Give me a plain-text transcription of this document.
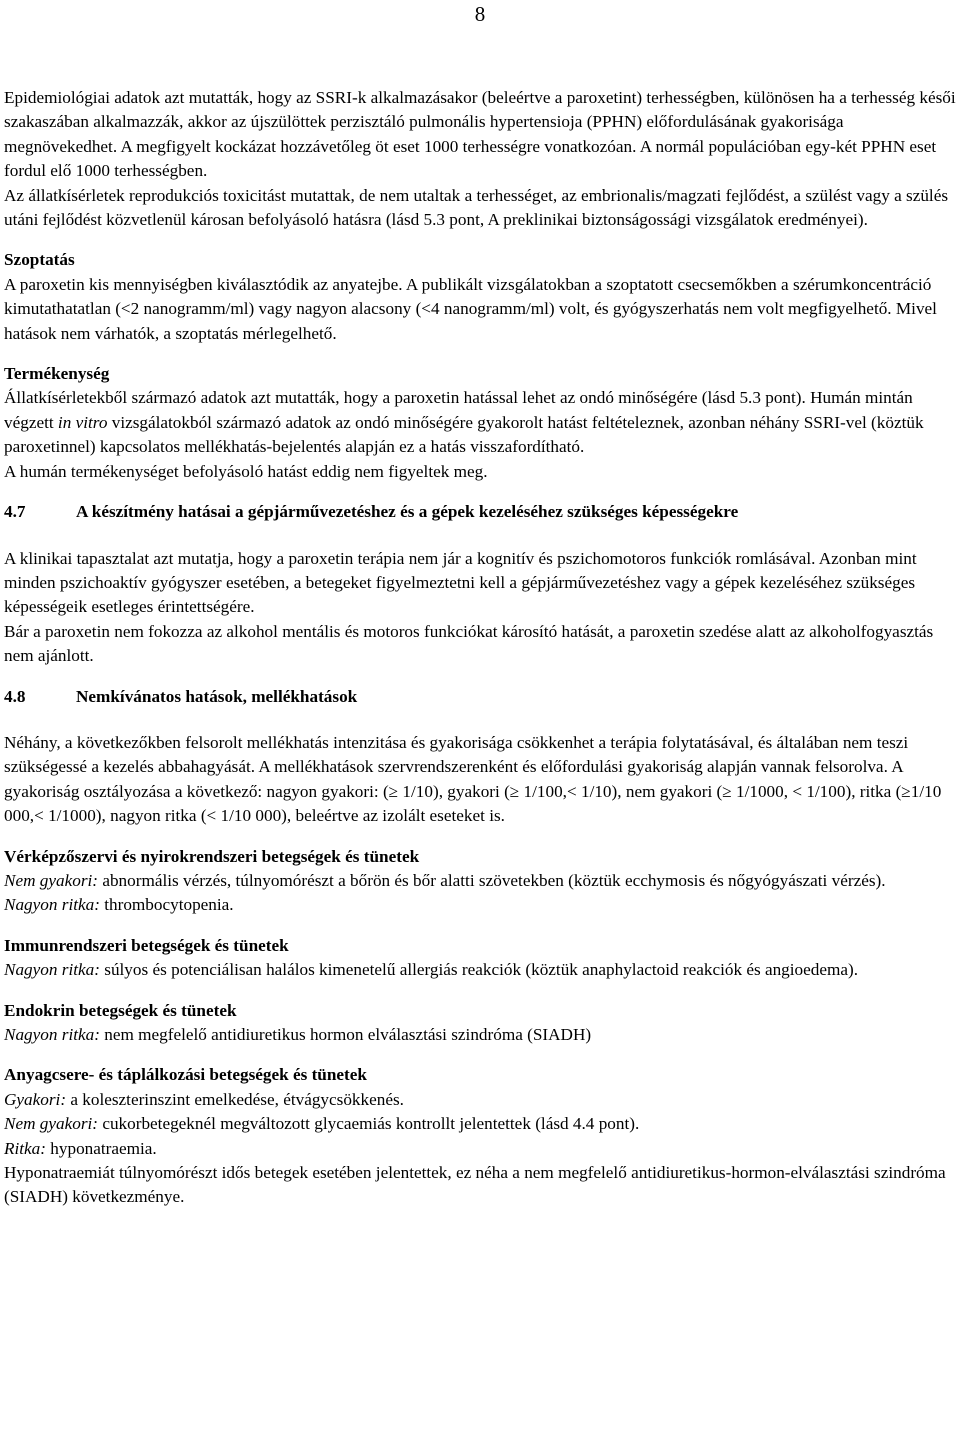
8

Epidemiológiai adatok azt mutatták, hogy az SSRI-k alkalmazásakor (beleértve a paroxetint) terhességben, különösen ha a terhesség késői szakaszában alkalmazzák, akkor az újszülöttek perzisztáló pulmonális hypertensioja (PPHN) előfordulásának gyakorisága megnövekedhet. A megfigyelt kockázat hozzávetőleg öt eset 1000 terhességre vonatkozóan. A normál populációban egy-két PPHN eset fordul elő 1000 terhességben.

Az állatkísérletek reprodukciós toxicitást mutattak, de nem utaltak a terhességet, az embrionalis/magzati fejlődést, a szülést vagy a szülés utáni fejlődést közvetlenül károsan befolyásoló hatásra (lásd 5.3 pont, A preklinikai biztonságossági vizsgálatok eredményei).

Szoptatás

A paroxetin kis mennyiségben kiválasztódik az anyatejbe. A publikált vizsgálatokban a szoptatott csecsemőkben a szérumkoncentráció kimutathatatlan (<2 nanogramm/ml) vagy nagyon alacsony (<4 nanogramm/ml) volt, és gyógyszerhatás nem volt megfigyelhető. Mivel hatások nem várhatók, a szoptatás mérlegelhető.

Termékenység

Állatkísérletekből származó adatok azt mutatták, hogy a paroxetin hatással lehet az ondó minőségére (lásd 5.3 pont). Humán mintán végzett in vitro vizsgálatokból származó adatok az ondó minőségére gyakorolt hatást feltételeznek, azonban néhány SSRI-vel (köztük paroxetinnel) kapcsolatos mellékhatás-bejelentés alapján ez a hatás visszafordítható.

A humán termékenységet befolyásoló hatást eddig nem figyeltek meg.

4.7	A készítmény hatásai a gépjárművezetéshez és a gépek kezeléséhez szükséges képességekre

A klinikai tapasztalat azt mutatja, hogy a paroxetin terápia nem jár a kognitív és pszichomotoros funkciók romlásával. Azonban mint minden pszichoaktív gyógyszer esetében, a betegeket figyelmeztetni kell a gépjárművezetéshez vagy a gépek kezeléséhez szükséges képességeik esetleges érintettségére.

Bár a paroxetin nem fokozza az alkohol mentális és motoros funkciókat károsító hatását, a paroxetin szedése alatt az alkoholfogyasztás nem ajánlott.

4.8	Nemkívánatos hatások, mellékhatások

Néhány, a következőkben felsorolt mellékhatás intenzitása és gyakorisága csökkenhet a terápia folytatásával, és általában nem teszi szükségessé a kezelés abbahagyását. A mellékhatások szervrendszerenként és előfordulási gyakoriság alapján vannak felsorolva. A gyakoriság osztályozása a következő: nagyon gyakori: (≥ 1/10), gyakori (≥ 1/100,< 1/10), nem gyakori (≥ 1/1000, < 1/100), ritka (≥1/10 000,< 1/1000), nagyon ritka (< 1/10 000), beleértve az izolált eseteket is.

Vérképzőszervi és nyirokrendszeri betegségek és tünetek

Nem gyakori: abnormális vérzés, túlnyomórészt a bőrön és bőr alatti szövetekben (köztük ecchymosis és nőgyógyászati vérzés).

Nagyon ritka: thrombocytopenia.

Immunrendszeri betegségek és tünetek

Nagyon ritka: súlyos és potenciálisan halálos kimenetelű allergiás reakciók (köztük anaphylactoid reakciók és angioedema).

Endokrin betegségek és tünetek

Nagyon ritka: nem megfelelő antidiuretikus hormon elválasztási szindróma (SIADH)

Anyagcsere- és táplálkozási betegségek és tünetek

Gyakori: a koleszterinszint emelkedése, étvágycsökkenés.

Nem gyakori: cukorbetegeknél megváltozott glycaemiás kontrollt jelentettek (lásd 4.4 pont).

Ritka: hyponatraemia.

Hyponatraemiát túlnyomórészt idős betegek esetében jelentettek, ez néha a nem megfelelő antidiuretikus-hormon-elválasztási szindróma (SIADH) következménye.
